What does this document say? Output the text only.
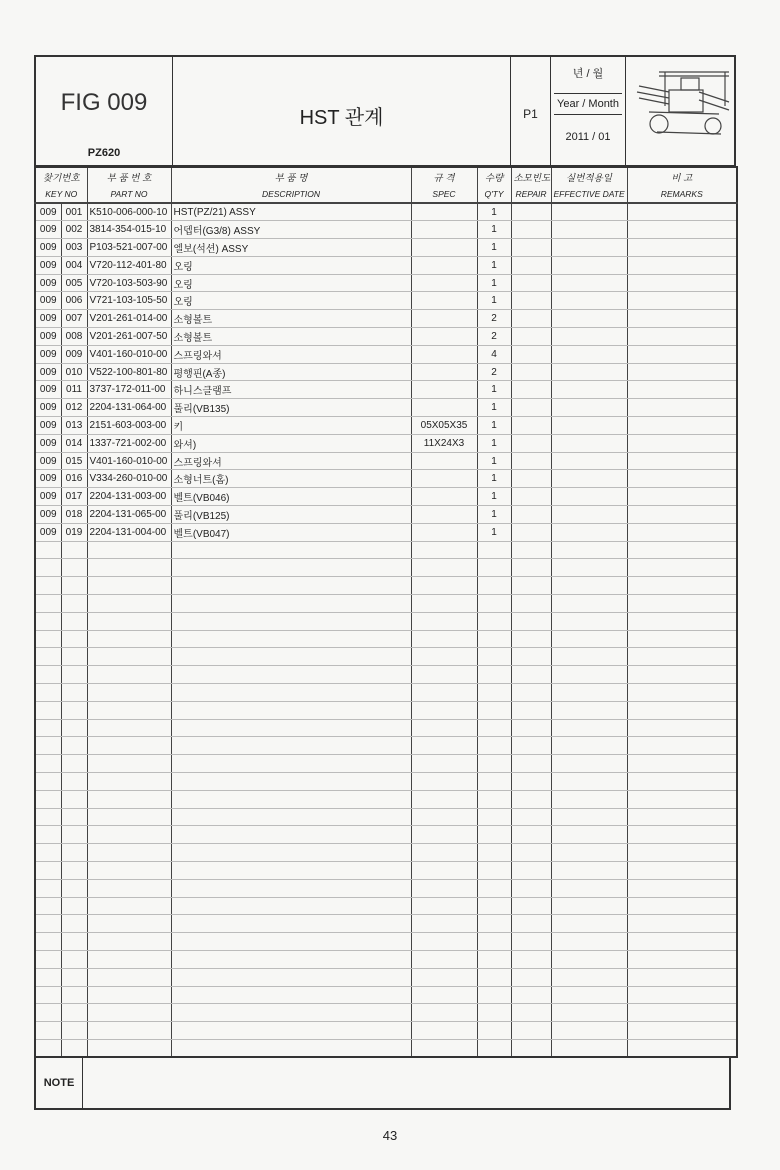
FIG 009
PZ620
HST 관계	P1
년 / 월
Year / Month
2011 / 01
찾기번호		부 품 번 호	부 품 명	규 격	수량	소모빈도	실번적용일	비 고
KEY NO		PART NO	DESCRIPTION	SPEC	Q'TY	REPAIR	EFFECTIVE DATE	REMARKS
009	001	K510-006-000-10	HST(PZ/21) ASSY		1			
009	002	3814-354-015-10	어뎁터(G3/8) ASSY		1			
009	003	P103-521-007-00	엘보(석션) ASSY		1			
009	004	V720-112-401-80	오링		1			
009	005	V720-103-503-90	오링		1			
009	006	V721-103-105-50	오링		1			
009	007	V201-261-014-00	소형볼트		2			
009	008	V201-261-007-50	소형볼트		2			
009	009	V401-160-010-00	스프링와셔		4			
009	010	V522-100-801-80	평행핀(A종)		2			
009	011	3737-172-011-00	하니스클램프		1			
009	012	2204-131-064-00	풀리(VB135)		1			
009	013	2151-603-003-00	키	05X05X35	1			
009	014	1337-721-002-00	와셔)	11X24X3	1			
009	015	V401-160-010-00	스프링와셔		1			
009	016	V334-260-010-00	소형너트(홈)		1			
009	017	2204-131-003-00	벨트(VB046)		1			
009	018	2204-131-065-00	풀리(VB125)		1			
009	019	2204-131-004-00	벨트(VB047)		1			

NOTE
43
